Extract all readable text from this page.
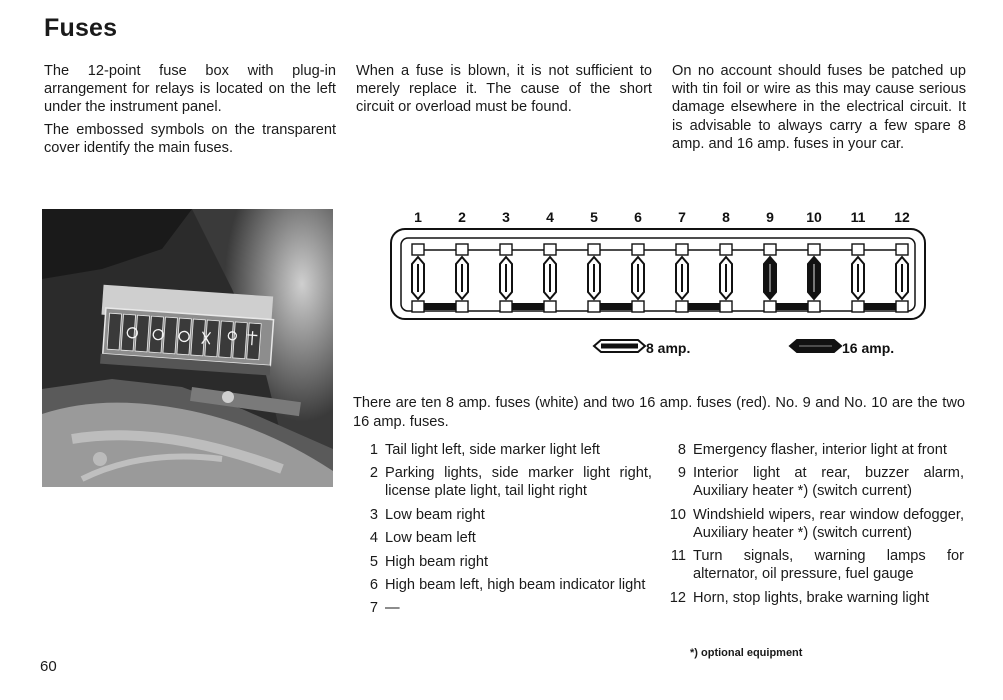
Fuses

The 12-point fuse box with plug-in arrangement for relays is located on the left under the instrument panel.

The embossed symbols on the transparent cover identify the main fuses.

When a fuse is blown, it is not sufficient to merely replace it. The cause of the short circuit or overload must be found.

On no account should fuses be patched up with tin foil or wire as this may cause serious damage elsewhere in the electrical circuit. It is advisable to always carry a few spare 8 amp. and 16 amp. fuses in your car.

1	2	3	4	5	6	7	8	9 10 11 12
8 amp.	16 amp.
There are ten 8 amp. fuses (white) and two 16 amp. fuses (red). No. 9 and No. 10 are the two 16 amp. fuses.
1 Tail light left, side marker light left
2 Parking lights, side marker light right, license plate light, tail light right
3 Low beam right
4 Low beam left
5 High beam right
6 High beam left, high beam indicator light
7 —
8 Emergency flasher, interior light at front
9 Interior light at rear, buzzer alarm, Auxiliary heater *) (switch current)
10 Windshield wipers, rear window defogger, Auxiliary heater *) (switch current)
11 Turn signals, warning lamps for alternator, oil pressure, fuel gauge
12 Horn, stop lights, brake warning light
*) optional equipment
60
